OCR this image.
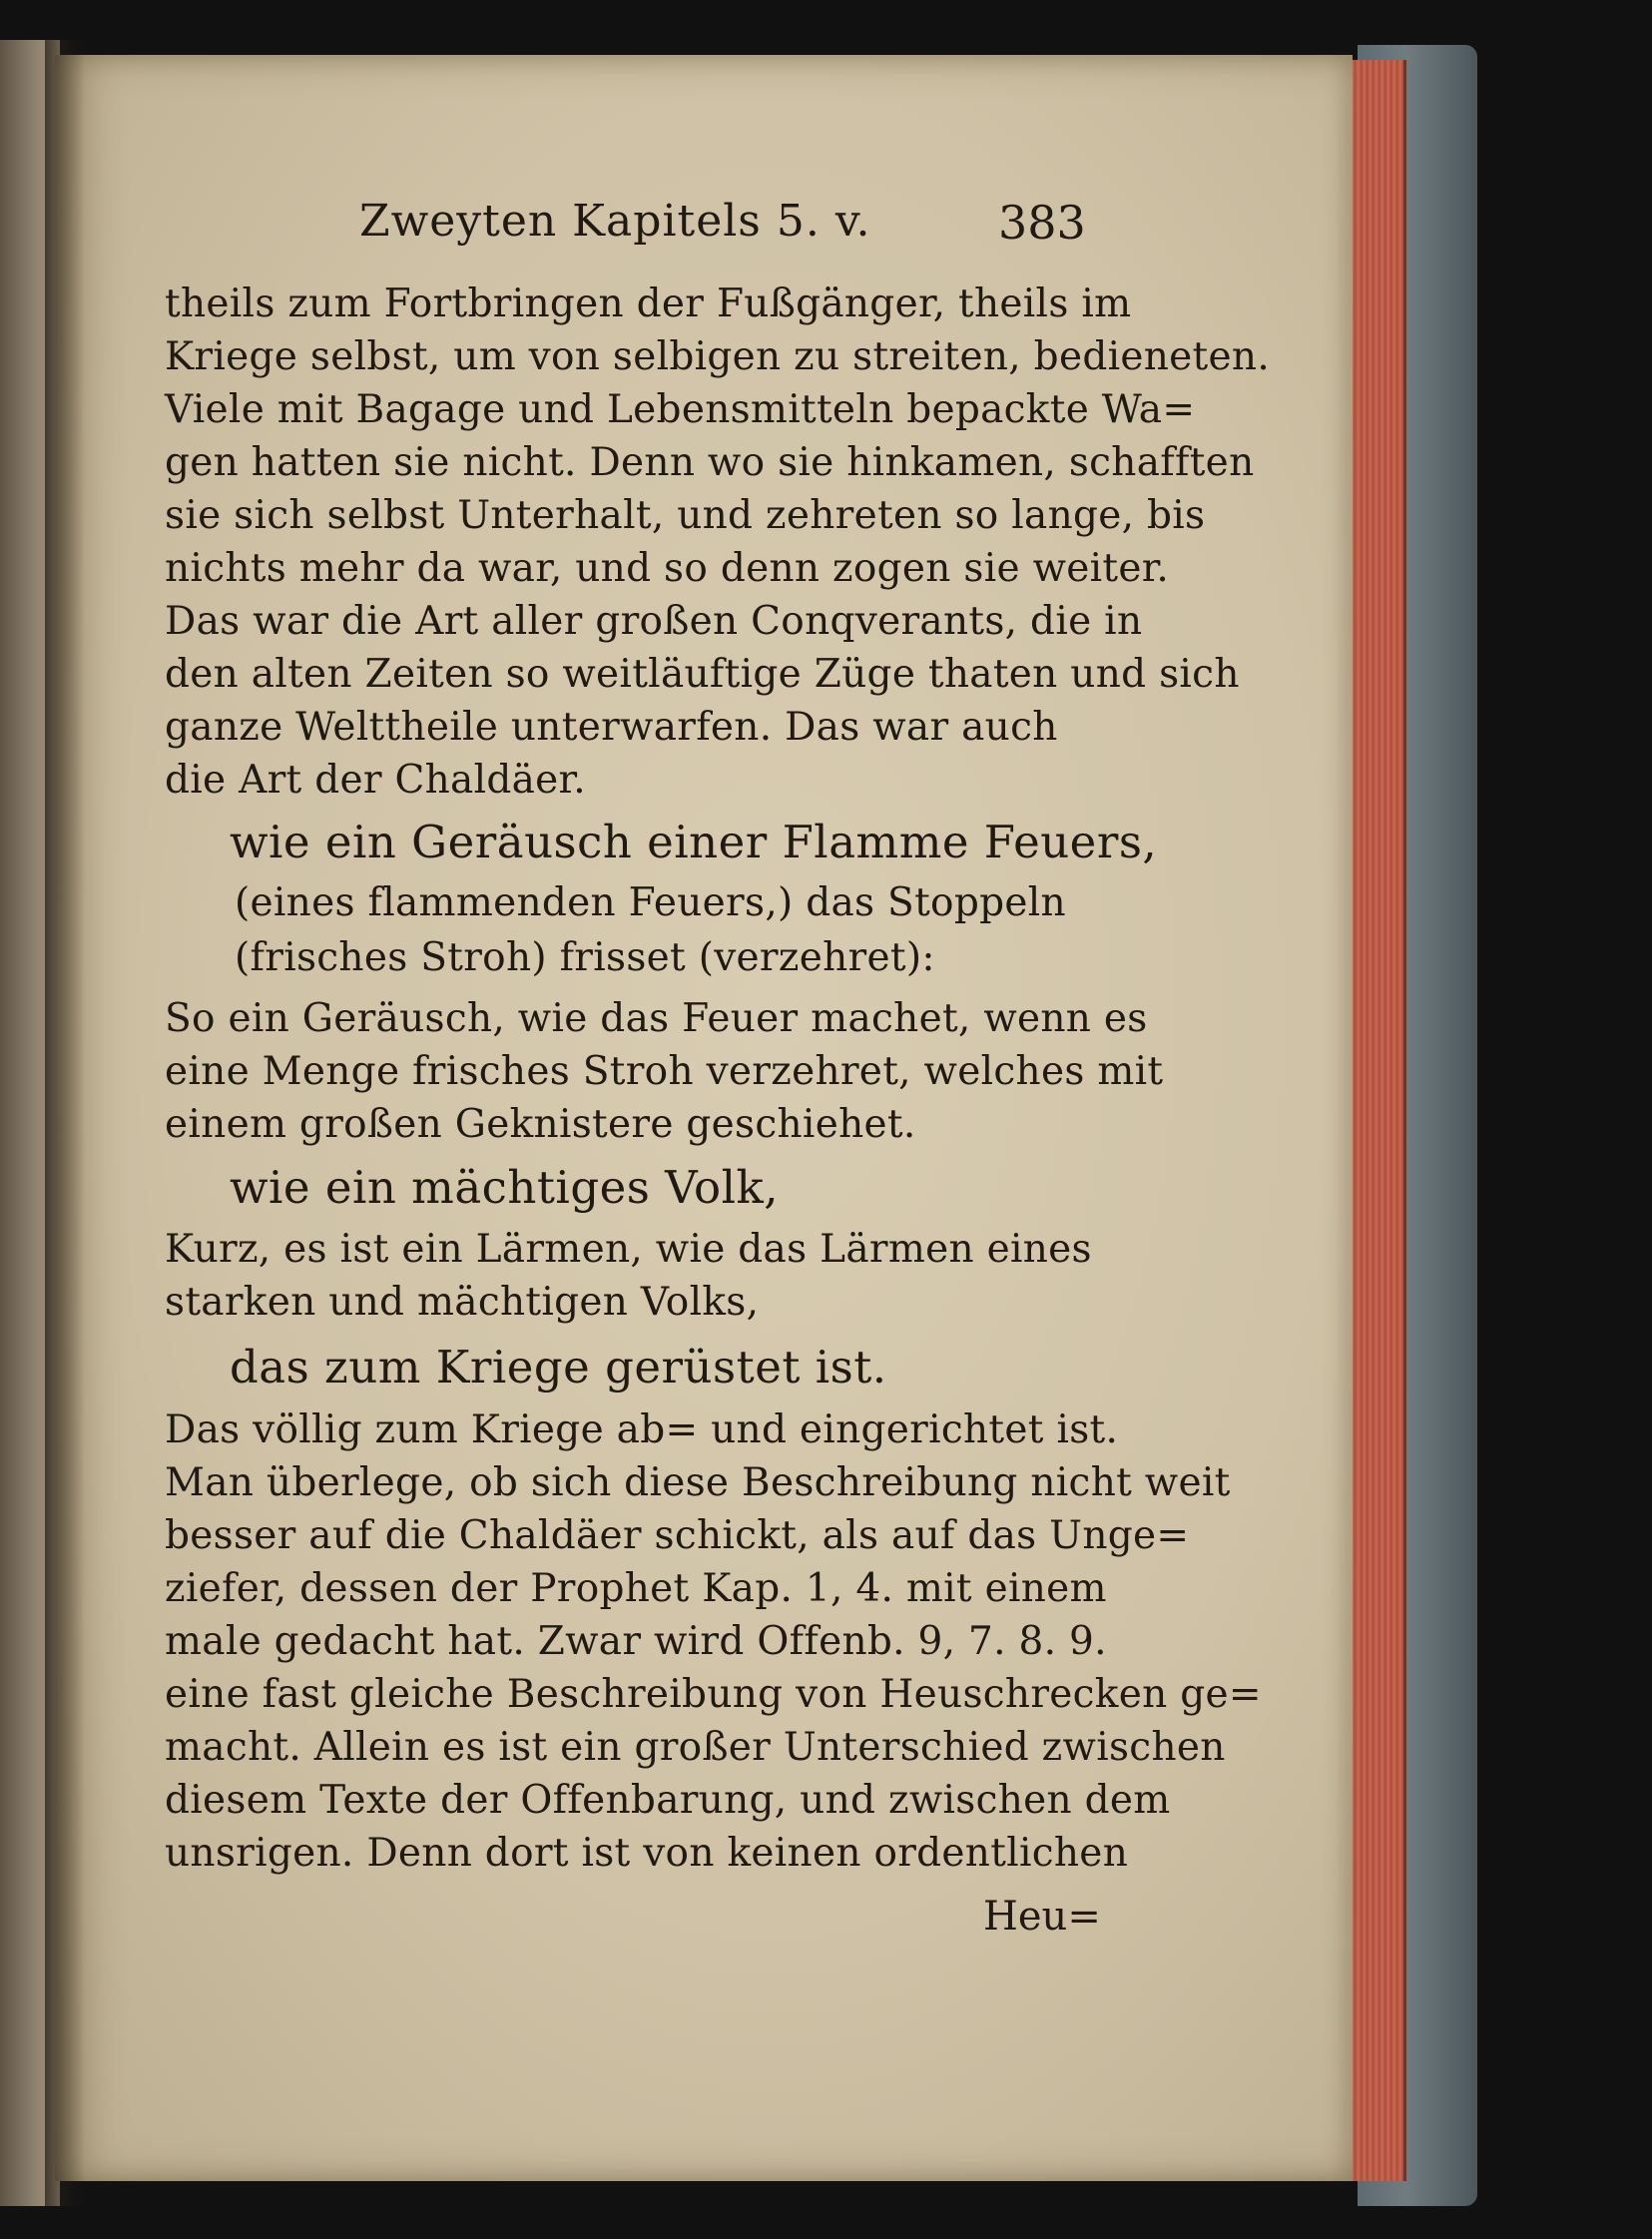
Zweyten Kapitels 5. v.	383
theils zum Fortbringen der Fußgänger, theils im
Kriege selbst, um von selbigen zu streiten, bedieneten.
Viele mit Bagage und Lebensmitteln bepackte Wa=
gen hatten sie nicht. Denn wo sie hinkamen, schafften
sie sich selbst Unterhalt, und zehreten so lange, bis
nichts mehr da war, und so denn zogen sie weiter.
Das war die Art aller großen Conqverants, die in
den alten Zeiten so weitläuftige Züge thaten und sich
ganze Welttheile unterwarfen. Das war auch
die Art der Chaldäer.
wie ein Geräusch einer Flamme Feuers,
(eines flammenden Feuers,) das Stoppeln
(frisches Stroh) frisset (verzehret):
So ein Geräusch, wie das Feuer machet, wenn es
eine Menge frisches Stroh verzehret, welches mit
einem großen Geknistere geschiehet.
wie ein mächtiges Volk,
Kurz, es ist ein Lärmen, wie das Lärmen eines
starken und mächtigen Volks,
das zum Kriege gerüstet ist.
Das völlig zum Kriege ab= und eingerichtet ist.
Man überlege, ob sich diese Beschreibung nicht weit
besser auf die Chaldäer schickt, als auf das Unge=
ziefer, dessen der Prophet Kap. 1, 4. mit einem
male gedacht hat. Zwar wird Offenb. 9, 7. 8. 9.
eine fast gleiche Beschreibung von Heuschrecken ge=
macht. Allein es ist ein großer Unterschied zwischen
diesem Texte der Offenbarung, und zwischen dem
unsrigen. Denn dort ist von keinen ordentlichen
Heu=
